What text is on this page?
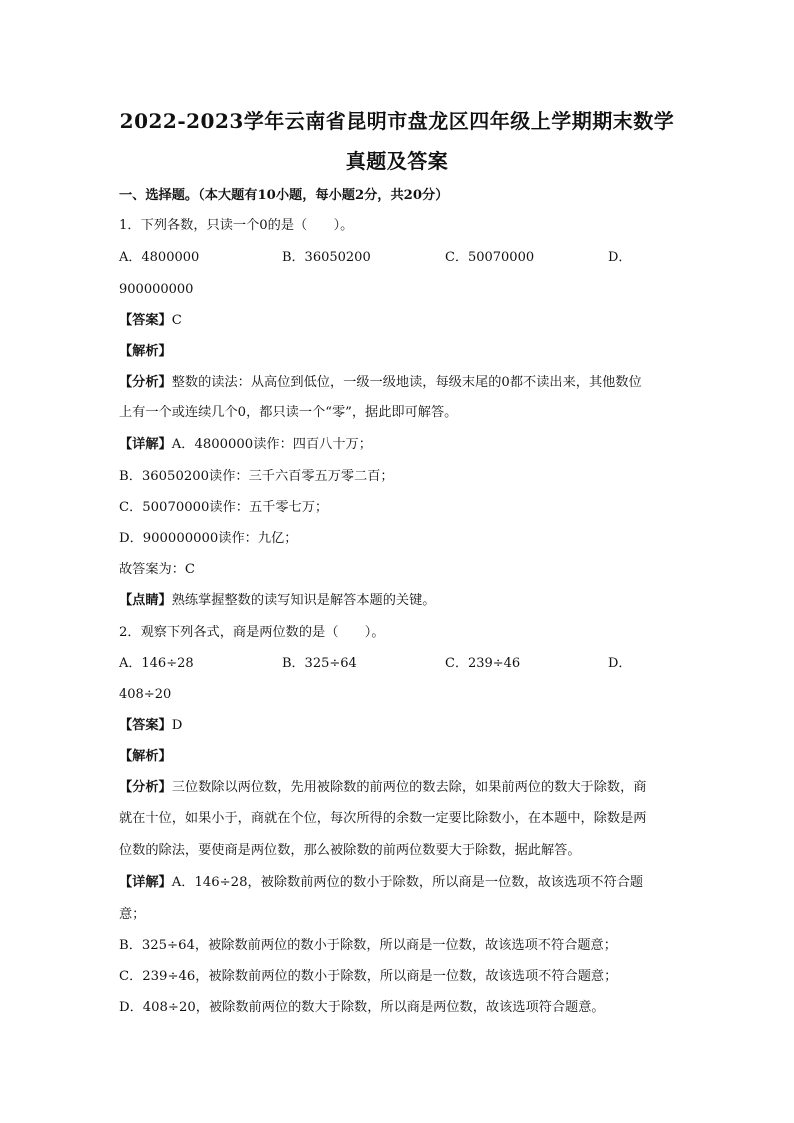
2022-2023学年云南省昆明市盘龙区四年级上学期期末数学
真题及答案
一、选择题。（本大题有10小题，每小题2分，共20分）
1．下列各数，只读一个0的是（　　）。
A．4800000	B．36050200	C．50070000	D．
900000000
【答案】C
【解析】
【分析】整数的读法：从高位到低位，一级一级地读，每级末尾的0都不读出来，其他数位
上有一个或连续几个0，都只读一个“零”，据此即可解答。
【详解】A．4800000读作：四百八十万；
B．36050200读作：三千六百零五万零二百；
C．50070000读作：五千零七万；
D．900000000读作：九亿；
故答案为：C
【点睛】熟练掌握整数的读写知识是解答本题的关键。
2．观察下列各式，商是两位数的是（　　）。
A．146÷28	B．325÷64	C．239÷46	D．
408÷20
【答案】D
【解析】
【分析】三位数除以两位数，先用被除数的前两位的数去除，如果前两位的数大于除数，商
就在十位，如果小于，商就在个位，每次所得的余数一定要比除数小，在本题中，除数是两
位数的除法，要使商是两位数，那么被除数的前两位数要大于除数，据此解答。
【详解】A．146÷28，被除数前两位的数小于除数，所以商是一位数，故该选项不符合题
意；
B．325÷64，被除数前两位的数小于除数，所以商是一位数，故该选项不符合题意；
C．239÷46，被除数前两位的数小于除数，所以商是一位数，故该选项不符合题意；
D．408÷20，被除数前两位的数大于除数，所以商是两位数，故该选项符合题意。
